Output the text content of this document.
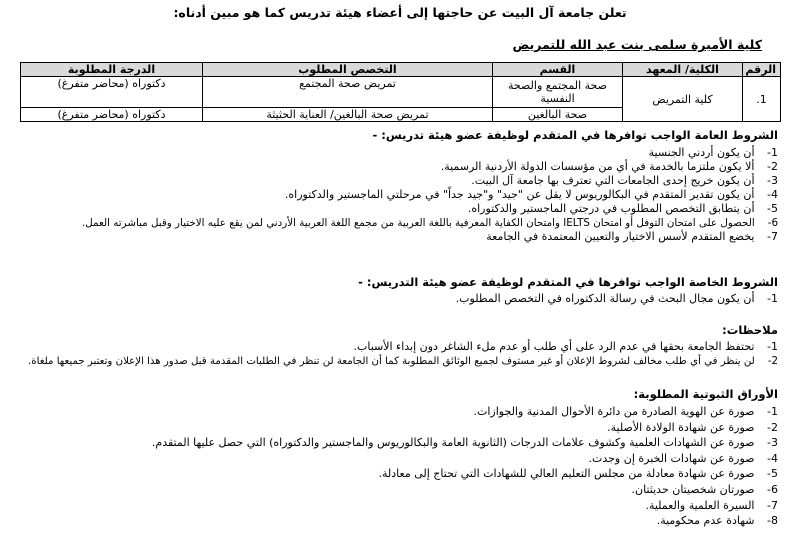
تعلن جامعة آل البيت عن حاجتها إلى أعضاء هيئة تدريس كما هو مبين أدناه:
كلية الأميرة سلمى بنت عبد الله للتمريض
الرقم	الكلية/ المعهد	القسم	التخصص المطلوب	الدرجة المطلوبة
1.	كلية التمريض	صحة المجتمع والصحة النفسية	تمريض صحة المجتمع	دكتوراه (محاضر متفرغ)
		صحة البالغين	تمريض صحة البالغين/ العناية الحثيثة	دكتوراه (محاضر متفرغ)
الشروط العامة الواجب توافرها في المتقدم لوظيفة عضو هيئة تدريس: -
1- أن يكون أردني الجنسية
2- ألا يكون ملتزما بالخدمة في أي من مؤسسات الدولة الأردنية الرسمية.
3- أن يكون خريج إحدى الجامعات التي تعترف بها جامعة آل البيت.
4- أن يكون تقدير المتقدم في البكالوريوس لا يقل عن "جيد" و"جيد جداً" في مرحلتي الماجستير والدكتوراه.
5- أن يتطابق التخصص المطلوب في درجتي الماجستير والدكتوراه.
6- الحصول على امتحان التوفل أو امتحان IELTS وامتحان الكفاية المعرفية باللغة العربية من مجمع اللغة العربية الأردني لمن يقع عليه الاختيار وقبل مباشرته العمل.
7- يخضع المتقدم لأسس الاختيار والتعيين المعتمدة في الجامعة
الشروط الخاصة الواجب توافرها في المتقدم لوظيفة عضو هيئة التدريس: -
1- أن يكون مجال البحث في رسالة الدكتوراه في التخصص المطلوب.
ملاحظات:
1- تحتفظ الجامعة بحقها في عدم الرد على أي طلب أو عدم ملء الشاغر دون إبداء الأسباب.
2- لن ينظر في أي طلب مخالف لشروط الإعلان أو غير مستوف لجميع الوثائق المطلوبة كما أن الجامعة لن تنظر في الطلبات المقدمة قبل صدور هذا الإعلان وتعتبر جميعها ملغاة.
الأوراق الثبوتية المطلوبة:
1- صورة عن الهوية الصادرة من دائرة الأحوال المدنية والجوازات.
2- صورة عن شهادة الولادة الأصلية.
3- صورة عن الشهادات العلمية وكشوف علامات الدرجات (الثانوية العامة والبكالوريوس والماجستير والدكتوراه) التي حصل عليها المتقدم.
4- صورة عن شهادات الخبرة إن وجدت.
5- صورة عن شهادة معادلة من مجلس التعليم العالي للشهادات التي تحتاج إلى معادلة.
6- صورتان شخصيتان حديثتان.
7- السيرة العلمية والعملية.
8- شهادة عدم محكومية.
